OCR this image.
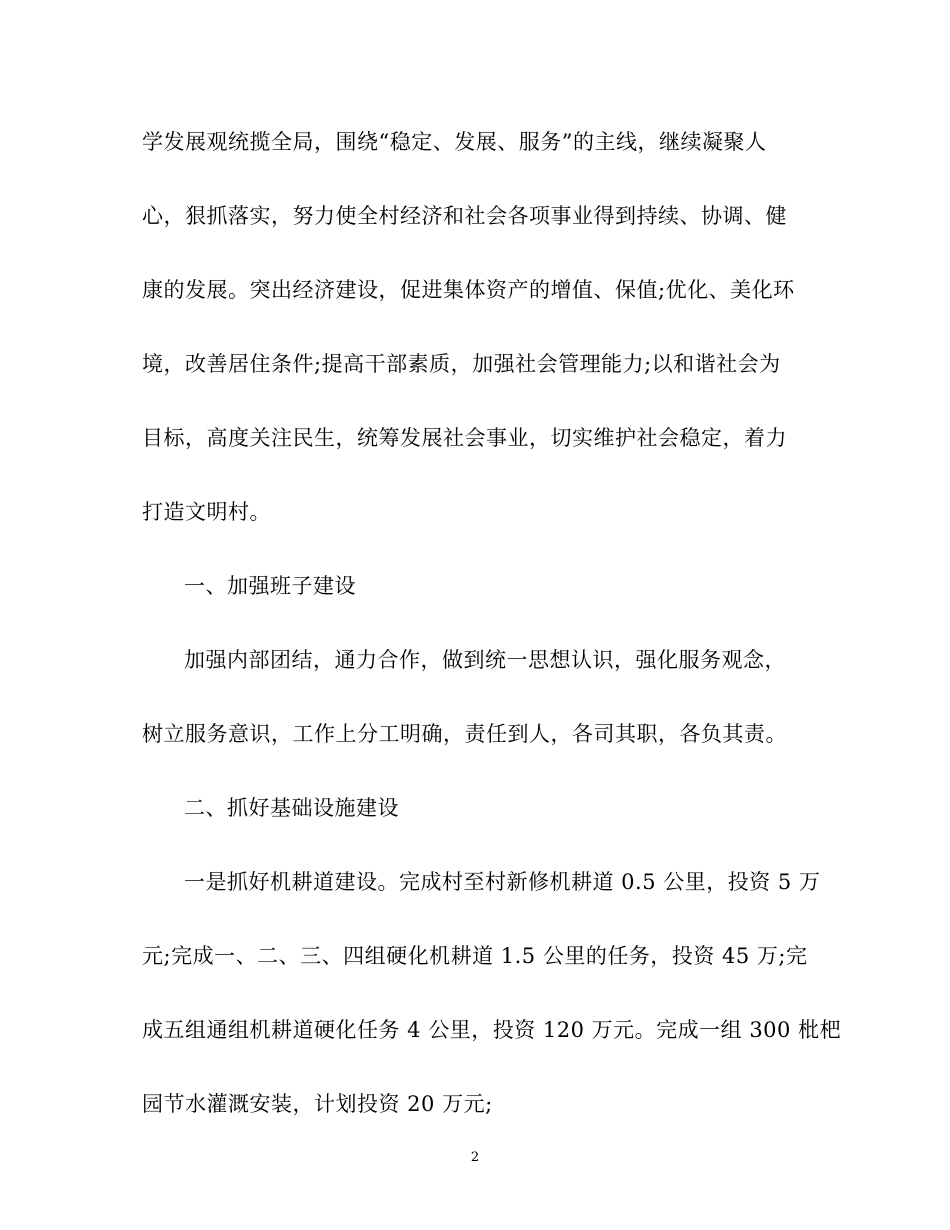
学发展观统揽全局，围绕“稳定、发展、服务”的主线，继续凝聚人
心，狠抓落实，努力使全村经济和社会各项事业得到持续、协调、健
康的发展。突出经济建设，促进集体资产的增值、保值;优化、美化环
境，改善居住条件;提高干部素质，加强社会管理能力;以和谐社会为
目标，高度关注民生，统筹发展社会事业，切实维护社会稳定，着力
打造文明村。
一、加强班子建设
加强内部团结，通力合作，做到统一思想认识，强化服务观念，
树立服务意识，工作上分工明确，责任到人，各司其职，各负其责。
二、抓好基础设施建设
一是抓好机耕道建设。完成村至村新修机耕道 0.5 公里，投资 5 万
元;完成一、二、三、四组硬化机耕道 1.5 公里的任务，投资 45 万;完
成五组通组机耕道硬化任务 4 公里，投资 120 万元。完成一组 300 枇杷
园节水灌溉安装，计划投资 20 万元;
2
